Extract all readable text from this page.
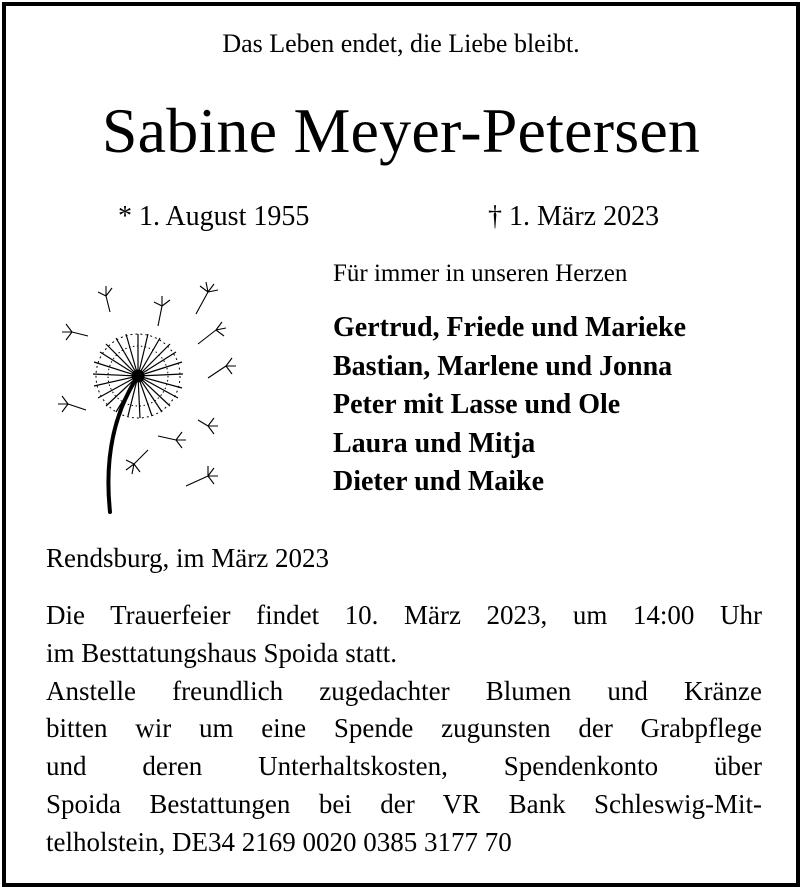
Das Leben endet, die Liebe bleibt.
Sabine Meyer-Petersen
* 1. August 1955	† 1. März 2023
Für immer in unseren Herzen
Gertrud, Friede und Marieke
Bastian, Marlene und Jonna
Peter mit Lasse und Ole
Laura und Mitja
Dieter und Maike
Rendsburg, im März 2023
Die Trauerfeier findet 10. März 2023, um 14:00 Uhr
im Besttatungshaus Spoida statt.
Anstelle freundlich zugedachter Blumen und Kränze
bitten wir um eine Spende zugunsten der Grabpflege
und deren Unterhaltskosten, Spendenkonto über
Spoida Bestattungen bei der VR Bank Schleswig-Mit-
telholstein, DE34 2169 0020 0385 3177 70
